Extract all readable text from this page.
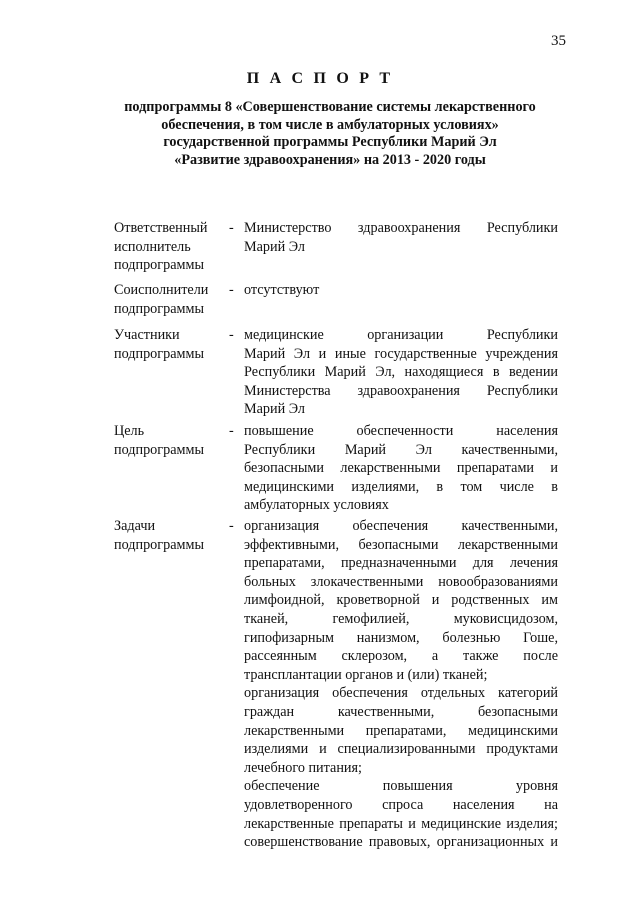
35
П А С П О Р Т
подпрограммы 8 «Совершенствование системы лекарственного
обеспечения, в том числе в амбулаторных условиях»
государственной программы Республики Марий Эл
«Развитие здравоохранения» на 2013 - 2020 годы
Ответственный
исполнитель
подпрограммы
- Министерство здравоохранения Республики
Марий Эл
Соисполнители
подпрограммы
- отсутствуют
Участники
подпрограммы
- медицинские организации Республики
Марий Эл и иные государственные учреждения
Республики Марий Эл, находящиеся в ведении
Министерства здравоохранения Республики
Марий Эл
Цель
подпрограммы
- повышение обеспеченности населения
Республики Марий Эл качественными,
безопасными лекарственными препаратами и
медицинскими изделиями, в том числе в
амбулаторных условиях
Задачи
подпрограммы
- организация обеспечения качественными,
эффективными, безопасными лекарственными
препаратами, предназначенными для лечения
больных злокачественными новообразованиями
лимфоидной, кроветворной и родственных им
тканей, гемофилией, муковисцидозом,
гипофизарным нанизмом, болезнью Гоше,
рассеянным склерозом, а также после
трансплантации органов и (или) тканей;
организация обеспечения отдельных категорий
граждан качественными, безопасными
лекарственными препаратами, медицинскими
изделиями и специализированными продуктами
лечебного питания;
обеспечение повышения уровня
удовлетворенного спроса населения на
лекарственные препараты и медицинские изделия;
совершенствование правовых, организационных и
